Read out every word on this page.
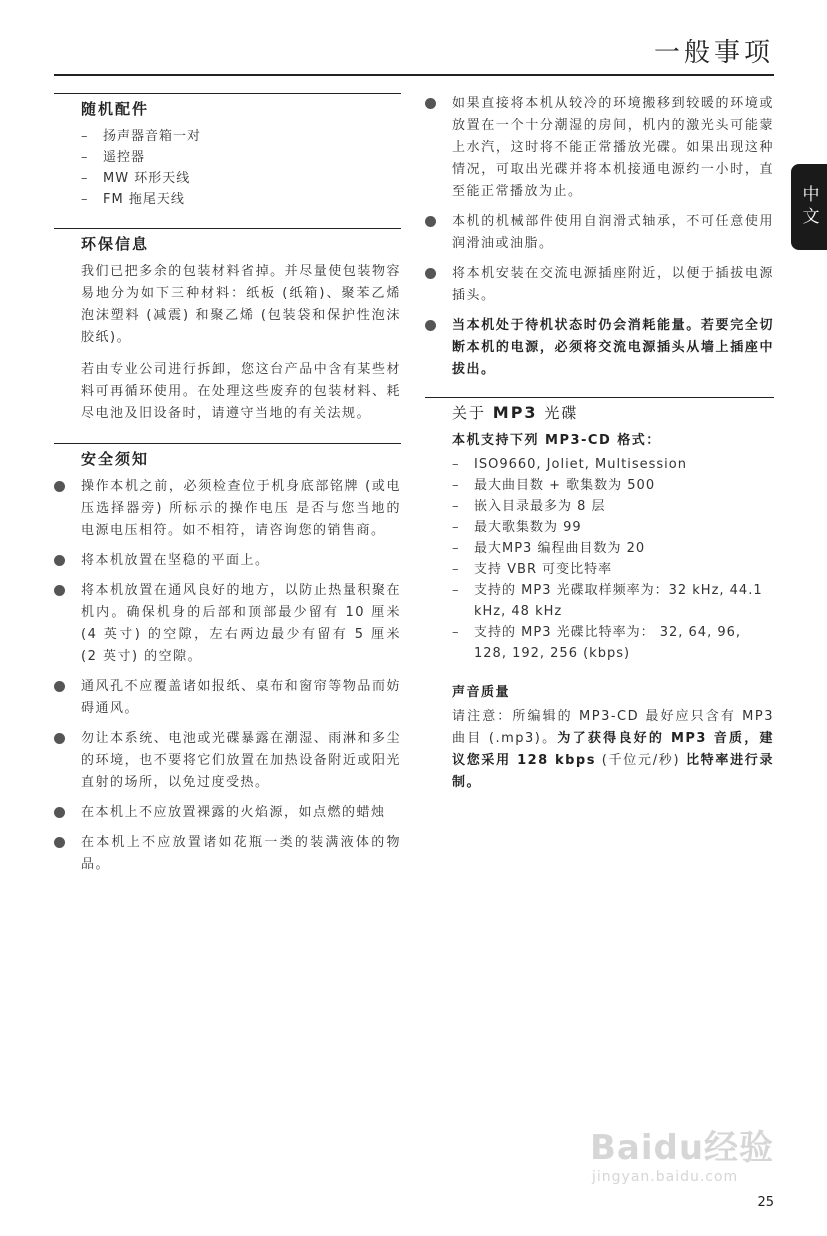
一般事项
中文
随机配件
– 扬声器音箱一对
– 遥控器
– MW 环形天线
– FM 拖尾天线
环保信息

我们已把多余的包装材料省掉。并尽量使包装物容易地分为如下三种材料：纸板 (纸箱)、聚苯乙烯泡沫塑料 (减震) 和聚乙烯 (包装袋和保护性泡沫胶纸)。

若由专业公司进行拆卸，您这台产品中含有某些材料可再循环使用。在处理这些废弃的包装材料、耗尽电池及旧设备时，请遵守当地的有关法规。

安全须知
操作本机之前，必须检查位于机身底部铭牌 (或电压选择器旁) 所标示的操作电压 是否与您当地的电源电压相符。如不相符，请咨询您的销售商。
将本机放置在坚稳的平面上。
将本机放置在通风良好的地方，以防止热量积聚在机内。确保机身的后部和顶部最少留有 10 厘米 (4 英寸) 的空隙，左右两边最少有留有 5 厘米 (2 英寸) 的空隙。
通风孔不应覆盖诸如报纸、桌布和窗帘等物品而妨碍通风。
勿让本系统、电池或光碟暴露在潮湿、雨淋和多尘的环境，也不要将它们放置在加热设备附近或阳光直射的场所，以免过度受热。
在本机上不应放置裸露的火焰源，如点燃的蜡烛
在本机上不应放置诸如花瓶一类的装满液体的物品。
如果直接将本机从较冷的环境搬移到较暖的环境或放置在一个十分潮湿的房间，机内的激光头可能蒙上水汽，这时将不能正常播放光碟。如果出现这种情况，可取出光碟并将本机接通电源约一小时，直至能正常播放为止。
本机的机械部件使用自润滑式轴承，不可任意使用润滑油或油脂。
将本机安装在交流电源插座附近，以便于插拔电源插头。
当本机处于待机状态时仍会消耗能量。若要完全切断本机的电源，必须将交流电源插头从墙上插座中拔出。
关于 MP3 光碟
本机支持下列 MP3-CD 格式：
– ISO9660, Joliet, Multisession
– 最大曲目数 + 歌集数为 500
– 嵌入目录最多为 8 层
– 最大歌集数为 99
– 最大MP3 编程曲目数为 20
– 支持 VBR 可变比特率
– 支持的 MP3 光碟取样频率为：32 kHz, 44.1 kHz, 48 kHz
– 支持的 MP3 光碟比特率为： 32, 64, 96, 128, 192, 256 (kbps)
声音质量

请注意：所编辑的 MP3-CD 最好应只含有 MP3 曲目 (.mp3)。为了获得良好的 MP3 音质，建议您采用 128 kbps (千位元/秒) 比特率进行录制。

Baidu经验
jingyan.baidu.com
25
